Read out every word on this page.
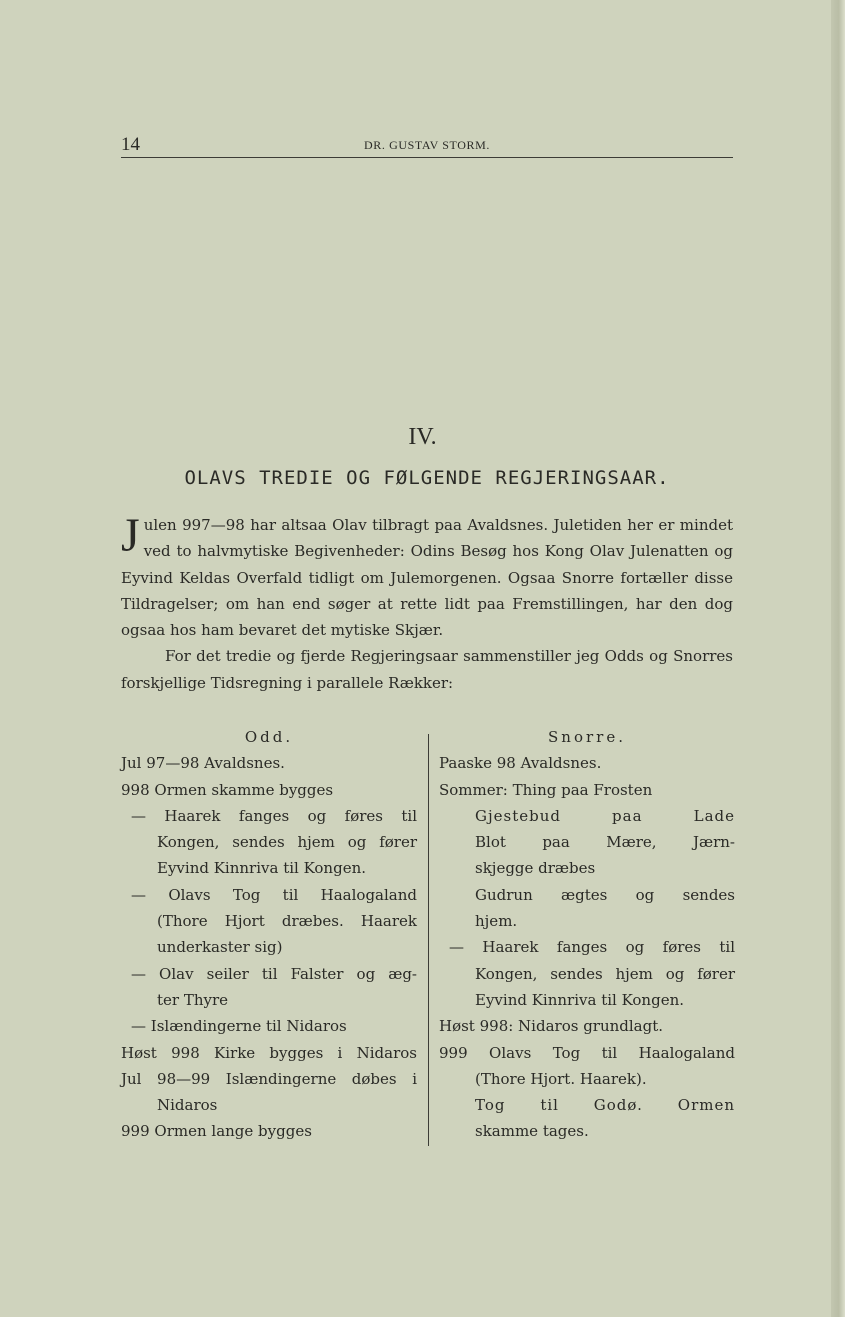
14	DR. GUSTAV STORM.
IV.
OLAVS TREDIE OG FØLGENDE REGJERINGSAAR.

Julen 997—98 har altsaa Olav tilbragt paa Avaldsnes. Juletiden her er mindet ved to halvmytiske Begivenheder: Odins Besøg hos Kong Olav Julenatten og Eyvind Keldas Overfald tidligt om Julemorgenen. Ogsaa Snorre fortæller disse Tildragelser; om han end søger at rette lidt paa Fremstillingen, har den dog ogsaa hos ham bevaret det mytiske Skjær.

For det tredie og fjerde Regjeringsaar sammenstiller jeg Odds og Snorres forskjellige Tidsregning i parallele Rækker:

Odd.
Jul 97—98 Avaldsnes.
998 Ormen skamme bygges
— Haarek fanges og føres til
Kongen, sendes hjem og fører
Eyvind Kinnriva til Kongen.
— Olavs Tog til Haalogaland
(Thore Hjort dræbes. Haarek
underkaster sig)
— Olav seiler til Falster og æg-
ter Thyre
— Islændingerne til Nidaros
Høst 998 Kirke bygges i Nidaros
Jul 98—99 Islændingerne døbes i
Nidaros
999 Ormen lange bygges
Snorre.
Paaske 98 Avaldsnes.
Sommer: Thing paa Frosten
Gjestebud paa Lade
Blot paa Mære, Jærn-
skjegge dræbes
Gudrun ægtes og sendes
hjem.
— Haarek fanges og føres til
Kongen, sendes hjem og fører
Eyvind Kinnriva til Kongen.
Høst 998: Nidaros grundlagt.
999 Olavs Tog til Haalogaland
(Thore Hjort. Haarek).
Tog til Godø. Ormen
skamme tages.
